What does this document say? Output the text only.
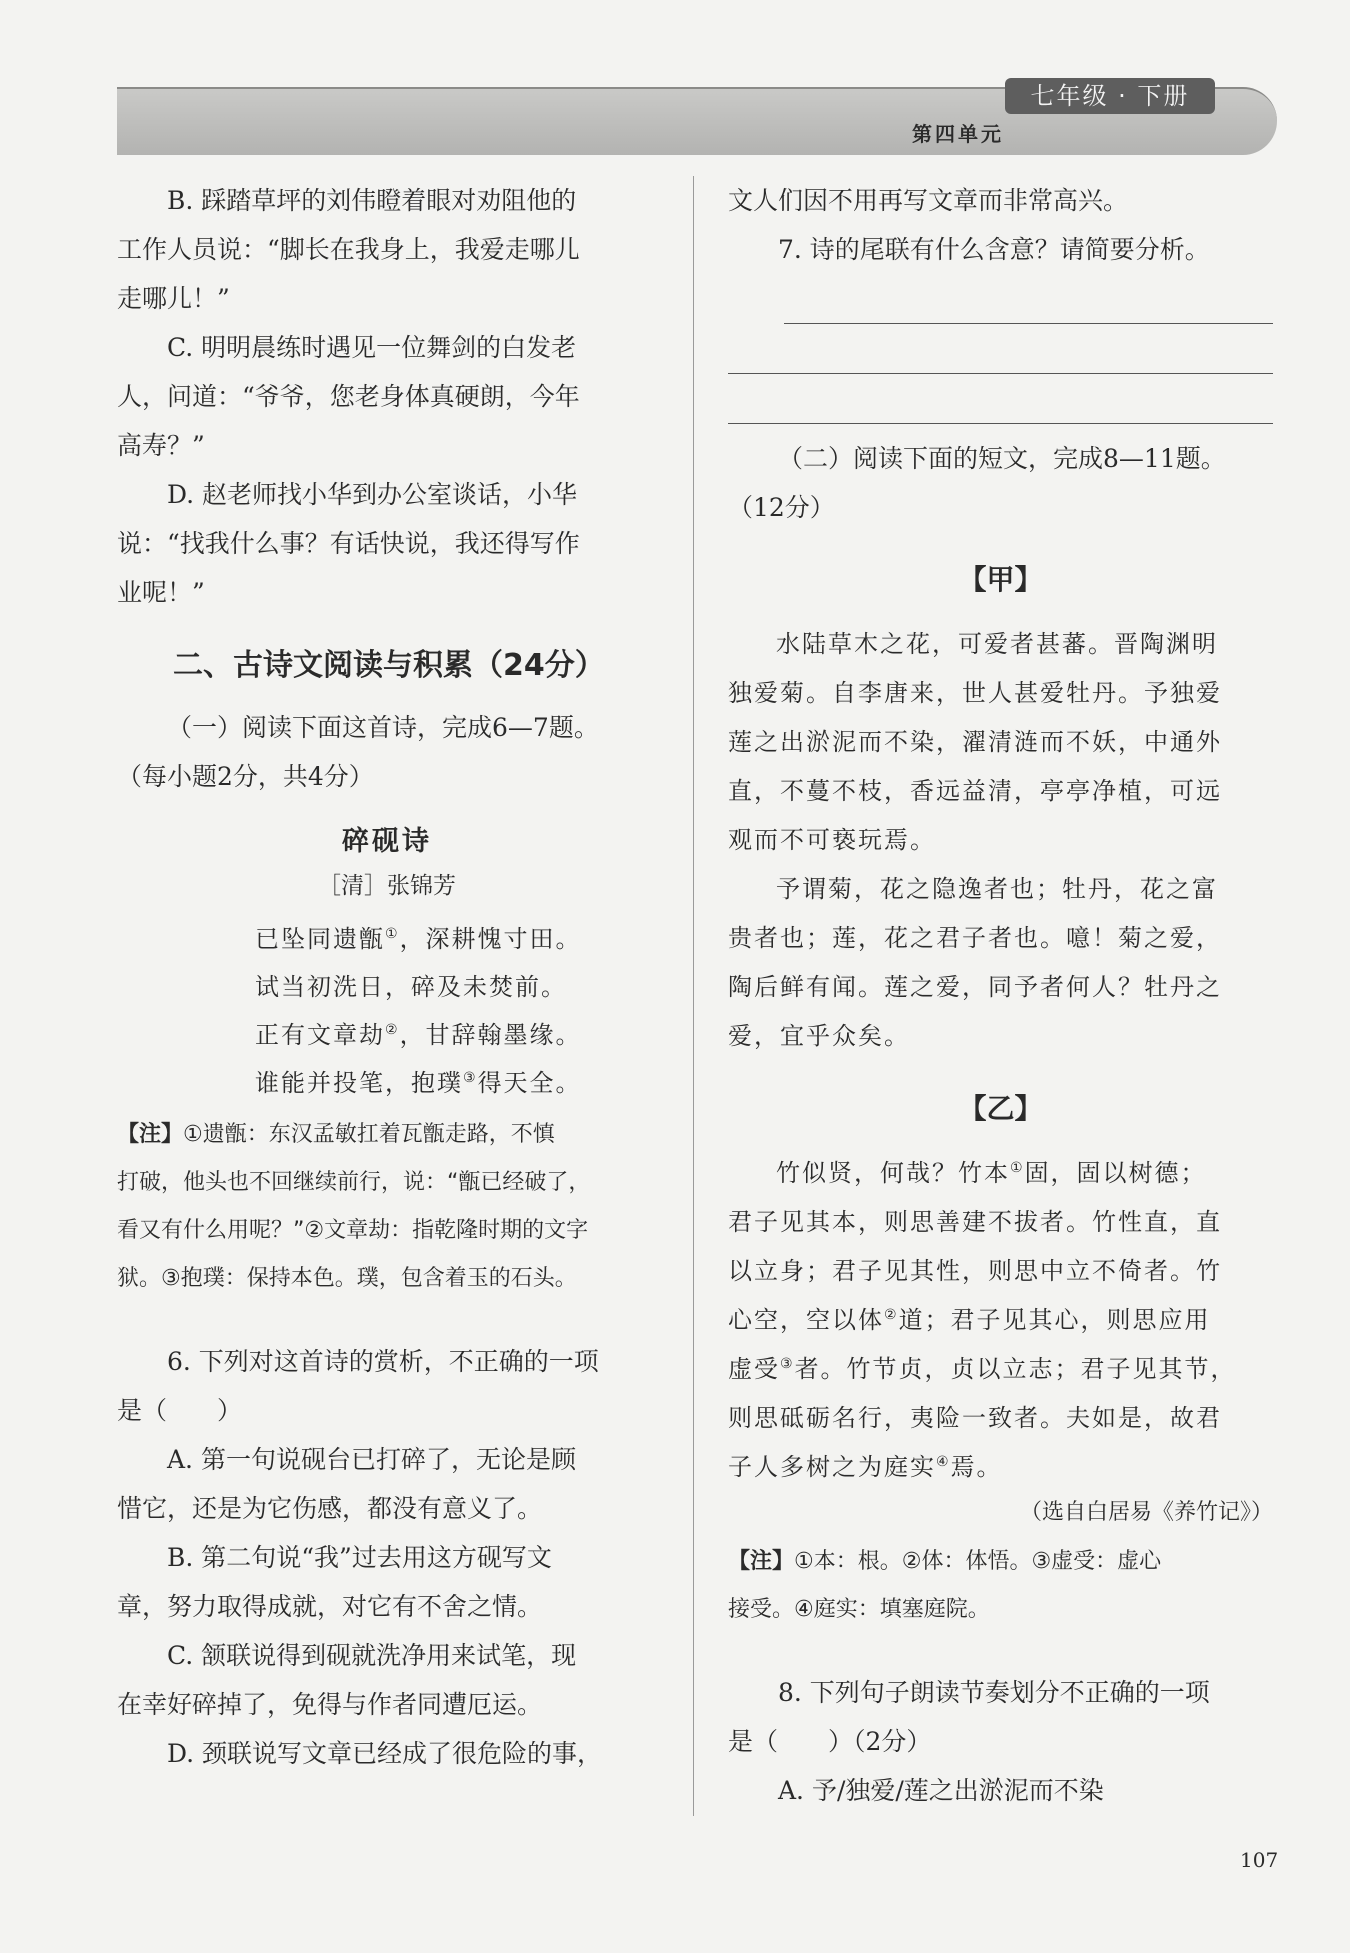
七年级 · 下册
第四单元

B. 踩踏草坪的刘伟瞪着眼对劝阻他的

工作人员说：“脚长在我身上，我爱走哪儿

走哪儿！”

C. 明明晨练时遇见一位舞剑的白发老

人，问道：“爷爷，您老身体真硬朗，今年

高寿？”

D. 赵老师找小华到办公室谈话，小华

说：“找我什么事？有话快说，我还得写作

业呢！”

二、古诗文阅读与积累（24分）

（一）阅读下面这首诗，完成6—7题。

（每小题2分，共4分）

碎砚诗
［清］张锦芳

已坠同遗甑①，深耕愧寸田。

试当初洗日，碎及未焚前。

正有文章劫②，甘辞翰墨缘。

谁能并投笔，抱璞③得天全。

【注】①遗甑：东汉孟敏扛着瓦甑走路，不慎

打破，他头也不回继续前行，说：“甑已经破了，

看又有什么用呢？”②文章劫：指乾隆时期的文字

狱。③抱璞：保持本色。璞，包含着玉的石头。

6. 下列对这首诗的赏析，不正确的一项

是（　　）

A. 第一句说砚台已打碎了，无论是顾

惜它，还是为它伤感，都没有意义了。

B. 第二句说“我”过去用这方砚写文

章，努力取得成就，对它有不舍之情。

C. 颔联说得到砚就洗净用来试笔，现

在幸好碎掉了，免得与作者同遭厄运。

D. 颈联说写文章已经成了很危险的事，

文人们因不用再写文章而非常高兴。

7. 诗的尾联有什么含意？请简要分析。

（二）阅读下面的短文，完成8—11题。

（12分）

【甲】

水陆草木之花，可爱者甚蕃。晋陶渊明

独爱菊。自李唐来，世人甚爱牡丹。予独爱

莲之出淤泥而不染，濯清涟而不妖，中通外

直，不蔓不枝，香远益清，亭亭净植，可远

观而不可亵玩焉。

予谓菊，花之隐逸者也；牡丹，花之富

贵者也；莲，花之君子者也。噫！菊之爱，

陶后鲜有闻。莲之爱，同予者何人？牡丹之

爱，宜乎众矣。

【乙】

竹似贤，何哉？竹本①固，固以树德；

君子见其本，则思善建不拔者。竹性直，直

以立身；君子见其性，则思中立不倚者。竹

心空，空以体②道；君子见其心，则思应用

虚受③者。竹节贞，贞以立志；君子见其节，

则思砥砺名行，夷险一致者。夫如是，故君

子人多树之为庭实④焉。

（选自白居易《养竹记》）

【注】①本：根。②体：体悟。③虚受：虚心

接受。④庭实：填塞庭院。

8. 下列句子朗读节奏划分不正确的一项

是（　　）（2分）

A. 予/独爱/莲之出淤泥而不染

107
